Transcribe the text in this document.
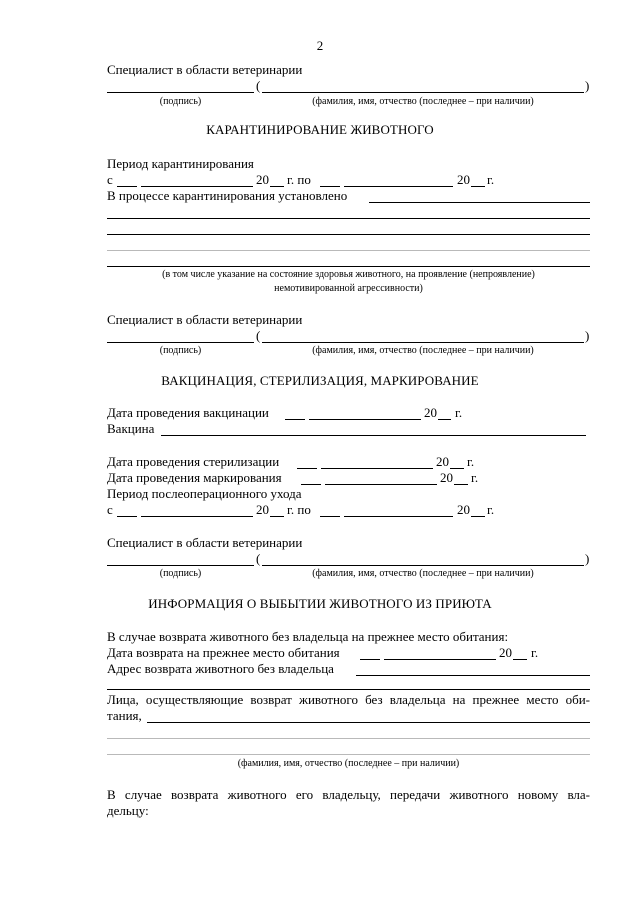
2
Специалист в области ветеринарии
(	)
(подпись)	(фамилия, имя, отчество (последнее – при наличии)
КАРАНТИНИРОВАНИЕ ЖИВОТНОГО
Период карантинирования
с	20 г. по	20 г.
В процессе карантинирования установлено
(в том числе указание на состояние здоровья животного, на проявление (непроявление)
немотивированной агрессивности)
Специалист в области ветеринарии
(	)
(подпись)	(фамилия, имя, отчество (последнее – при наличии)
ВАКЦИНАЦИЯ, СТЕРИЛИЗАЦИЯ, МАРКИРОВАНИЕ
Дата проведения вакцинации	20 г.
Вакцина
Дата проведения стерилизации	20 г.
Дата проведения маркирования	20 г.
Период послеоперационного ухода
с	20 г. по	20 г.
Специалист в области ветеринарии
(	)
(подпись)	(фамилия, имя, отчество (последнее – при наличии)
ИНФОРМАЦИЯ О ВЫБЫТИИ ЖИВОТНОГО ИЗ ПРИЮТА
В случае возврата животного без владельца на прежнее место обитания:
Дата возврата на прежнее место обитания	20 г.
Адрес возврата животного без владельца
Лица, осуществляющие возврат животного без владельца на прежнее место оби-
тания,
(фамилия, имя, отчество (последнее – при наличии)
В случае возврата животного его владельцу, передачи животного новому вла-
дельцу:
